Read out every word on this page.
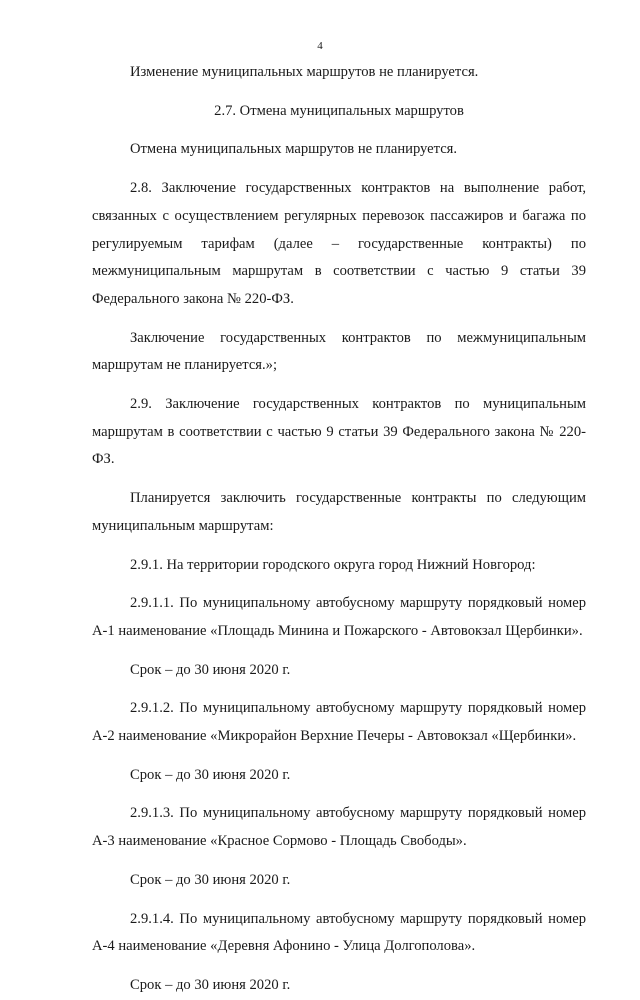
4

Изменение муниципальных маршрутов не планируется.

2.7. Отмена муниципальных маршрутов

Отмена муниципальных маршрутов не планируется.

2.8. Заключение государственных контрактов на выполнение работ, связанных с осуществлением регулярных перевозок пассажиров и багажа по регулируемым тарифам (далее – государственные контракты) по межмуниципальным маршрутам в соответствии с частью 9 статьи 39 Федерального закона № 220-ФЗ.

Заключение государственных контрактов по межмуниципальным маршрутам не планируется.»;

2.9. Заключение государственных контрактов по муниципальным маршрутам в соответствии с частью 9 статьи 39 Федерального закона № 220-ФЗ.

Планируется заключить государственные контракты по следующим муниципальным маршрутам:

2.9.1. На территории городского округа город Нижний Новгород:

2.9.1.1. По муниципальному автобусному маршруту порядковый номер А-1 наименование «Площадь Минина и Пожарского - Автовокзал Щербинки».

Срок – до 30 июня 2020 г.

2.9.1.2. По муниципальному автобусному маршруту порядковый номер А-2 наименование «Микрорайон Верхние Печеры - Автовокзал «Щербинки».

Срок – до 30 июня 2020 г.

2.9.1.3. По муниципальному автобусному маршруту порядковый номер А-3 наименование «Красное Сормово - Площадь Свободы».

Срок – до 30 июня 2020 г.

2.9.1.4. По муниципальному автобусному маршруту порядковый номер А-4 наименование «Деревня Афонино - Улица Долгополова».

Срок – до 30 июня 2020 г.
